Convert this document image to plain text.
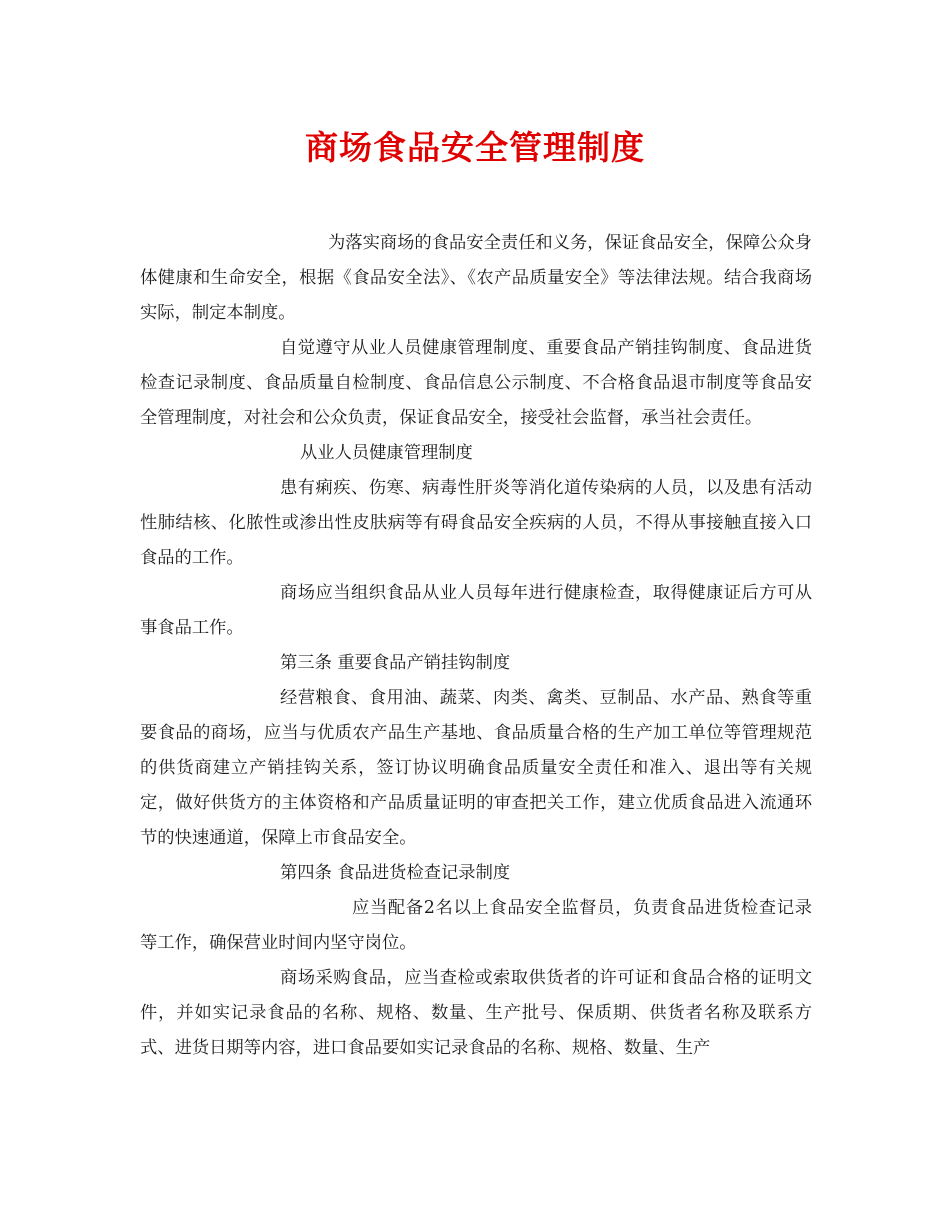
商场食品安全管理制度

为落实商场的食品安全责任和义务，保证食品安全，保障公众身体健康和生命安全，根据《食品安全法》、《农产品质量安全》等法律法规。结合我商场实际，制定本制度。

自觉遵守从业人员健康管理制度、重要食品产销挂钩制度、食品进货检查记录制度、食品质量自检制度、食品信息公示制度、不合格食品退市制度等食品安全管理制度，对社会和公众负责，保证食品安全，接受社会监督，承当社会责任。

从业人员健康管理制度

患有痢疾、伤寒、病毒性肝炎等消化道传染病的人员，以及患有活动性肺结核、化脓性或渗出性皮肤病等有碍食品安全疾病的人员，不得从事接触直接入口食品的工作。

商场应当组织食品从业人员每年进行健康检查，取得健康证后方可从事食品工作。

第三条 重要食品产销挂钩制度

经营粮食、食用油、蔬菜、肉类、禽类、豆制品、水产品、熟食等重要食品的商场，应当与优质农产品生产基地、食品质量合格的生产加工单位等管理规范的供货商建立产销挂钩关系，签订协议明确食品质量安全责任和准入、退出等有关规定，做好供货方的主体资格和产品质量证明的审查把关工作，建立优质食品进入流通环节的快速通道，保障上市食品安全。

第四条 食品进货检查记录制度

应当配备2名以上食品安全监督员，负责食品进货检查记录等工作，确保营业时间内坚守岗位。

商场采购食品，应当查检或索取供货者的许可证和食品合格的证明文件，并如实记录食品的名称、规格、数量、生产批号、保质期、供货者名称及联系方式、进货日期等内容，进口食品要如实记录食品的名称、规格、数量、生产
